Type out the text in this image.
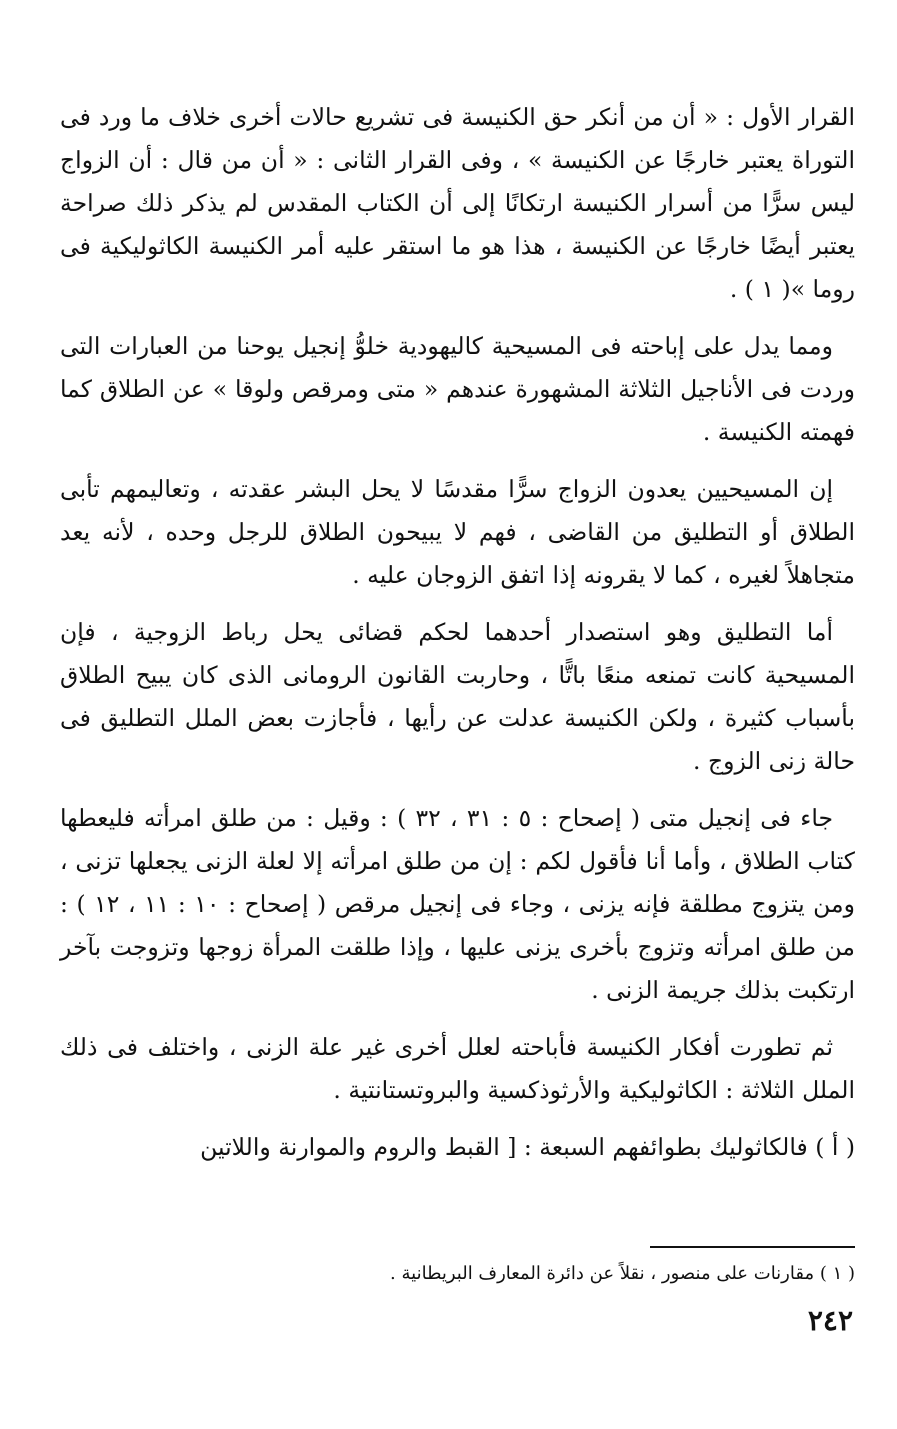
القرار الأول : « أن من أنكر حق الكنيسة فى تشريع حالات أخرى خلاف ما ورد فى التوراة يعتبر خارجًا عن الكنيسة » ، وفى القرار الثانى : « أن من قال : أن الزواج ليس سرًّا من أسرار الكنيسة ارتكانًا إلى أن الكتاب المقدس لم يذكر ذلك صراحة يعتبر أيضًا خارجًا عن الكنيسة ، هذا هو ما استقر عليه أمر الكنيسة الكاثوليكية فى روما »( ١ ) .

ومما يدل على إباحته فى المسيحية كاليهودية خلوُّ إنجيل يوحنا من العبارات التى وردت فى الأناجيل الثلاثة المشهورة عندهم « متى ومرقص ولوقا » عن الطلاق كما فهمته الكنيسة .

إن المسيحيين يعدون الزواج سرًّا مقدسًا لا يحل البشر عقدته ، وتعاليمهم تأبى الطلاق أو التطليق من القاضى ، فهم لا يبيحون الطلاق للرجل وحده ، لأنه يعد متجاهلاً لغيره ، كما لا يقرونه إذا اتفق الزوجان عليه .

أما التطليق وهو استصدار أحدهما لحكم قضائى يحل رباط الزوجية ، فإن المسيحية كانت تمنعه منعًا باتًّا ، وحاربت القانون الرومانى الذى كان يبيح الطلاق بأسباب كثيرة ، ولكن الكنيسة عدلت عن رأيها ، فأجازت بعض الملل التطليق فى حالة زنى الزوج .

جاء فى إنجيل متى ( إصحاح : ٥ : ٣١ ، ٣٢ ) : وقيل : من طلق امرأته فليعطها كتاب الطلاق ، وأما أنا فأقول لكم : إن من طلق امرأته إلا لعلة الزنى يجعلها تزنى ، ومن يتزوج مطلقة فإنه يزنى ، وجاء فى إنجيل مرقص ( إصحاح : ١٠ : ١١ ، ١٢ ) : من طلق امرأته وتزوج بأخرى يزنى عليها ، وإذا طلقت المرأة زوجها وتزوجت بآخر ارتكبت بذلك جريمة الزنى .

ثم تطورت أفكار الكنيسة فأباحته لعلل أخرى غير علة الزنى ، واختلف فى ذلك الملل الثلاثة : الكاثوليكية والأرثوذكسية والبروتستانتية .

( أ ) فالكاثوليك بطوائفهم السبعة : [ القبط والروم والموارنة واللاتين

( ١ ) مقارنات على منصور ، نقلاً عن دائرة المعارف البريطانية .
٢٤٢
